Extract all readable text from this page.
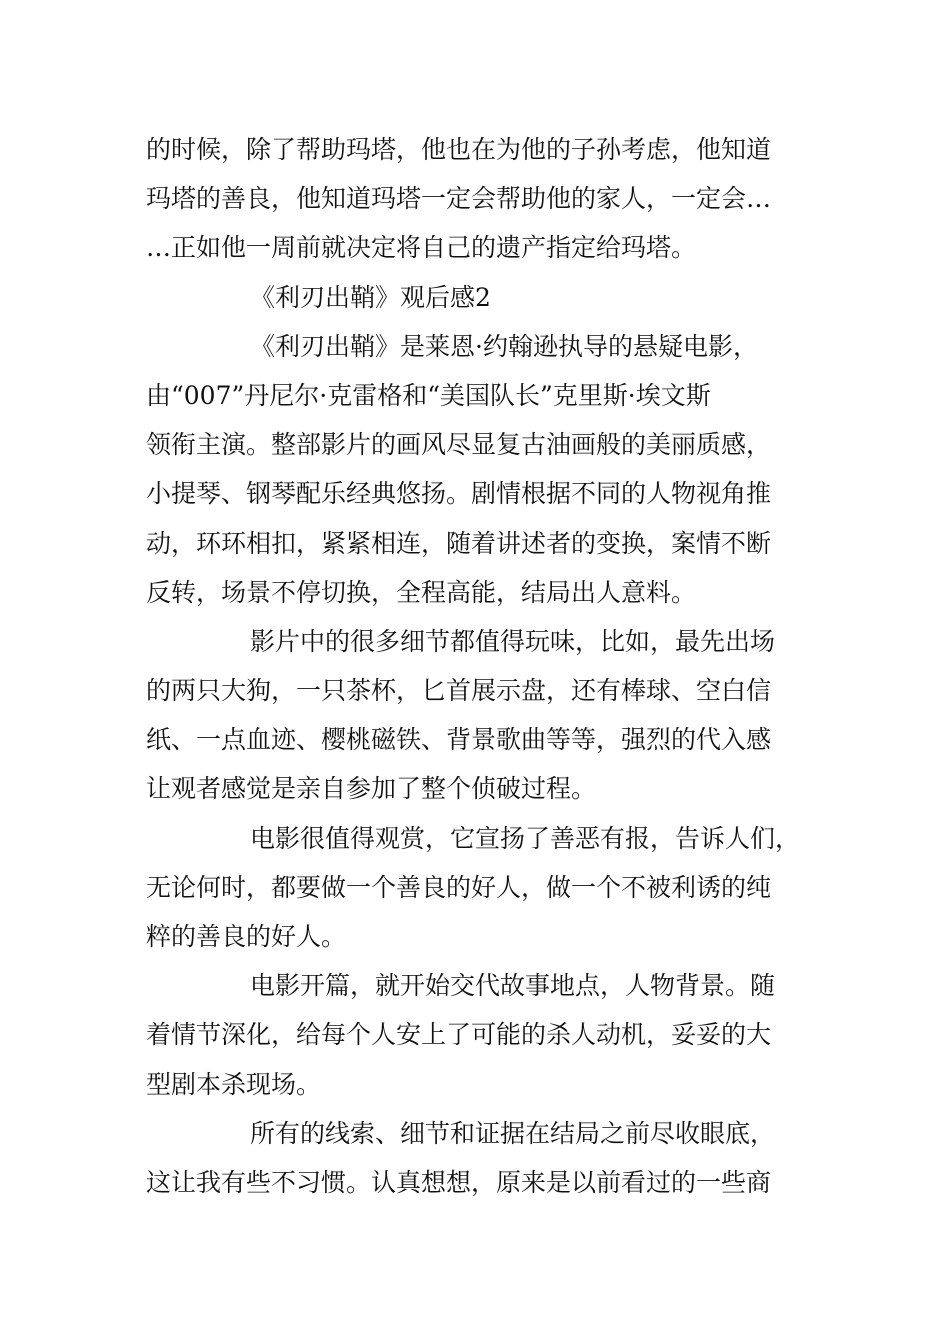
的时候，除了帮助玛塔，他也在为他的子孙考虑，他知道
玛塔的善良，他知道玛塔一定会帮助他的家人，一定会…
…正如他一周前就决定将自己的遗产指定给玛塔。
《利刃出鞘》观后感2
《利刃出鞘》是莱恩·约翰逊执导的悬疑电影，
由“007”丹尼尔·克雷格和“美国队长”克里斯·埃文斯
领衔主演。整部影片的画风尽显复古油画般的美丽质感，
小提琴、钢琴配乐经典悠扬。剧情根据不同的人物视角推
动，环环相扣，紧紧相连，随着讲述者的变换，案情不断
反转，场景不停切换，全程高能，结局出人意料。
影片中的很多细节都值得玩味，比如，最先出场
的两只大狗，一只茶杯，匕首展示盘，还有棒球、空白信
纸、一点血迹、樱桃磁铁、背景歌曲等等，强烈的代入感
让观者感觉是亲自参加了整个侦破过程。
电影很值得观赏，它宣扬了善恶有报，告诉人们，
无论何时，都要做一个善良的好人，做一个不被利诱的纯
粹的善良的好人。
电影开篇，就开始交代故事地点，人物背景。随
着情节深化，给每个人安上了可能的杀人动机，妥妥的大
型剧本杀现场。
所有的线索、细节和证据在结局之前尽收眼底，
这让我有些不习惯。认真想想，原来是以前看过的一些商
